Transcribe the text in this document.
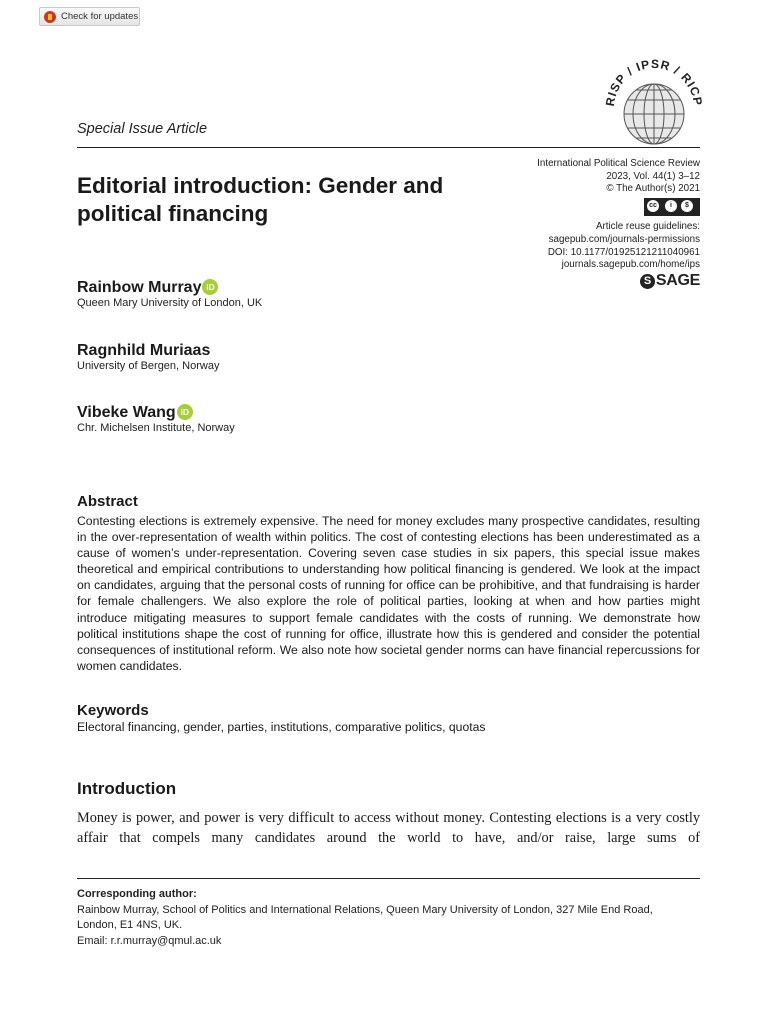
Check for updates
RISP / IPSR / RICP
Special Issue Article
Editorial introduction: Gender and political financing
International Political Science Review
2023, Vol. 44(1) 3–12
© The Author(s) 2021
cc	i	$
Article reuse guidelines:
sagepub.com/journals-permissions
DOI: 10.1177/01925121211040961
journals.sagepub.com/home/ips
S SAGE
Rainbow Murray iD
Queen Mary University of London, UK
Ragnhild Muriaas
University of Bergen, Norway
Vibeke Wang iD
Chr. Michelsen Institute, Norway
Abstract
Contesting elections is extremely expensive. The need for money excludes many prospective candidates, resulting in the over-representation of wealth within politics. The cost of contesting elections has been underestimated as a cause of women’s under-representation. Covering seven case studies in six papers, this special issue makes theoretical and empirical contributions to understanding how political financing is gendered. We look at the impact on candidates, arguing that the personal costs of running for office can be prohibitive, and that fundraising is harder for female challengers. We also explore the role of political parties, looking at when and how parties might introduce mitigating measures to support female candidates with the costs of running. We demonstrate how political institutions shape the cost of running for office, illustrate how this is gendered and consider the potential consequences of institutional reform. We also note how societal gender norms can have financial repercussions for women candidates.
Keywords
Electoral financing, gender, parties, institutions, comparative politics, quotas
Introduction
Money is power, and power is very difficult to access without money. Contesting elections is a very costly affair that compels many candidates around the world to have, and/or raise, large sums of
Corresponding author:
Rainbow Murray, School of Politics and International Relations, Queen Mary University of London, 327 Mile End Road,
London, E1 4NS, UK.
Email: r.r.murray@qmul.ac.uk
